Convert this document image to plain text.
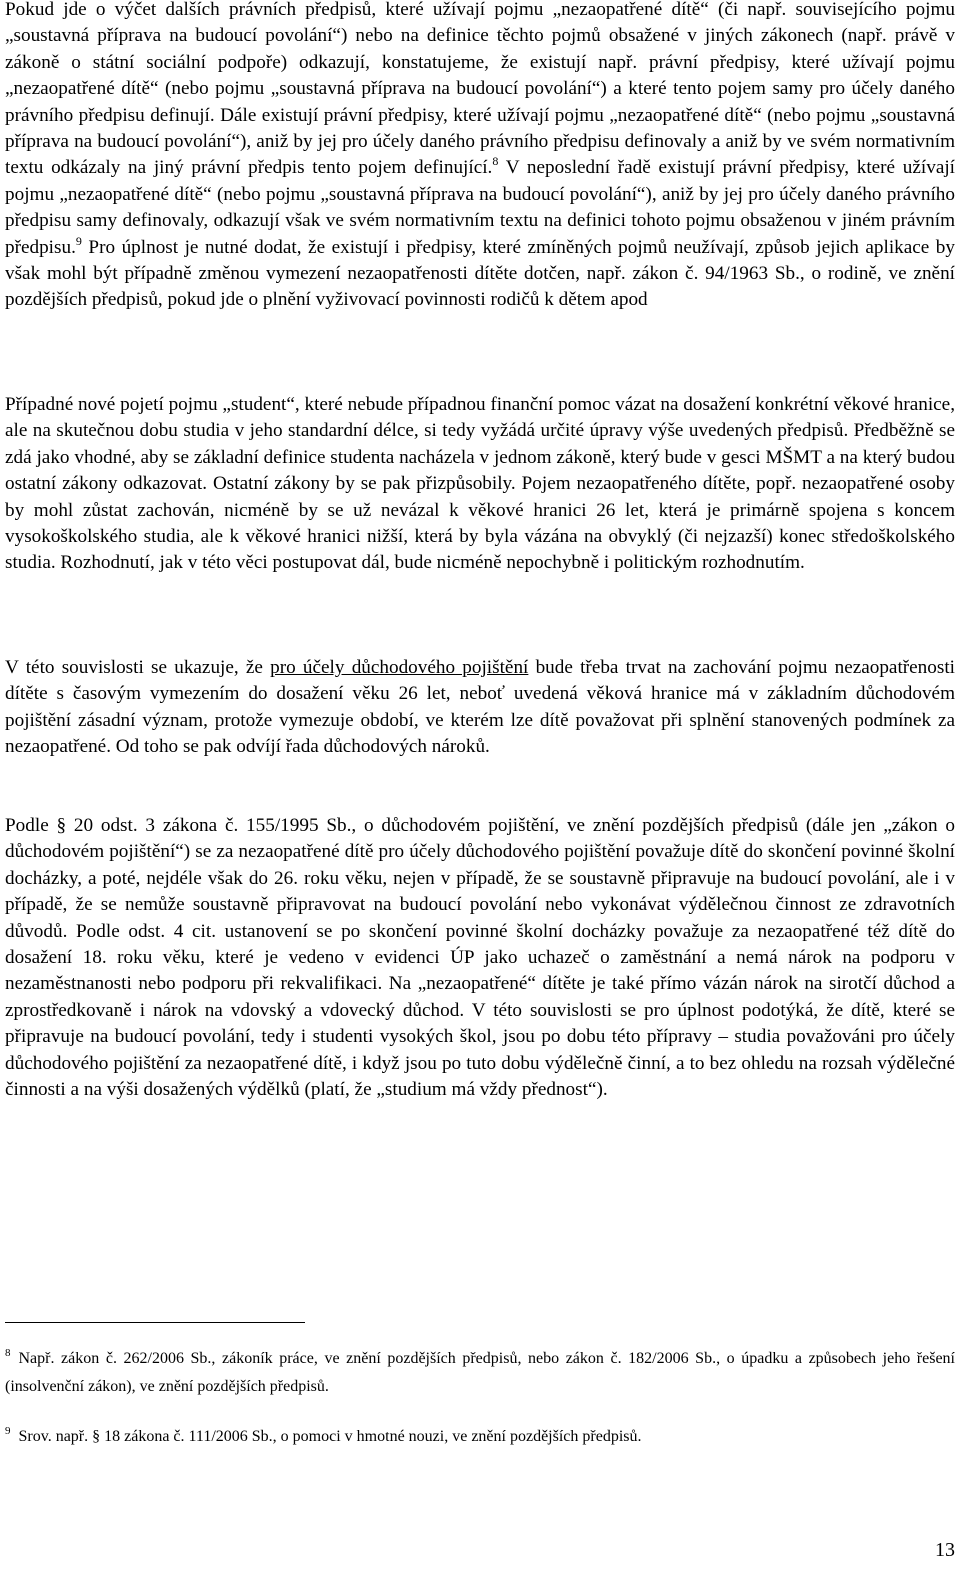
Pokud jde o výčet dalších právních předpisů, které užívají pojmu „nezaopatřené dítě“ (či např. souvisejícího pojmu „soustavná příprava na budoucí povolání“) nebo na definice těchto pojmů obsažené v jiných zákonech (např. právě v zákoně o státní sociální podpoře) odkazují, konstatujeme, že existují např. právní předpisy, které užívají pojmu „nezaopatřené dítě“ (nebo pojmu „soustavná příprava na budoucí povolání“) a které tento pojem samy pro účely daného právního předpisu definují. Dále existují právní předpisy, které užívají pojmu „nezaopatřené dítě“ (nebo pojmu „soustavná příprava na budoucí povolání“), aniž by jej pro účely daného právního předpisu definovaly a aniž by ve svém normativním textu odkázaly na jiný právní předpis tento pojem definující.$^8$ V neposlední řadě existují právní předpisy, které užívají pojmu „nezaopatřené dítě“ (nebo pojmu „soustavná příprava na budoucí povolání“), aniž by jej pro účely daného právního předpisu samy definovaly, odkazují však ve svém normativním textu na definici tohoto pojmu obsaženou v jiném právním předpisu.$^9$ Pro úplnost je nutné dodat, že existují i předpisy, které zmíněných pojmů neužívají, způsob jejich aplikace by však mohl být případně změnou vymezení nezaopatřenosti dítěte dotčen, např. zákon č. 94/1963 Sb., o rodině, ve znění pozdějších předpisů, pokud jde o plnění vyživovací povinnosti rodičů k dětem apod

Případné nové pojetí pojmu „student“, které nebude případnou finanční pomoc vázat na dosažení konkrétní věkové hranice, ale na skutečnou dobu studia v jeho standardní délce, si tedy vyžádá určité úpravy výše uvedených předpisů. Předběžně se zdá jako vhodné, aby se základní definice studenta nacházela v jednom zákoně, který bude v gesci MŠMT a na který budou ostatní zákony odkazovat. Ostatní zákony by se pak přizpůsobily. Pojem nezaopatřeného dítěte, popř. nezaopatřené osoby by mohl zůstat zachován, nicméně by se už nevázal k věkové hranici 26 let, která je primárně spojena s koncem vysokoškolského studia, ale k věkové hranici nižší, která by byla vázána na obvyklý (či nejzazší) konec středoškolského studia. Rozhodnutí, jak v této věci postupovat dál, bude nicméně nepochybně i politickým rozhodnutím.

V této souvislosti se ukazuje, že pro účely důchodového pojištění bude třeba trvat na zachování pojmu nezaopatřenosti dítěte s časovým vymezením do dosažení věku 26 let, neboť uvedená věková hranice má v základním důchodovém pojištění zásadní význam, protože vymezuje období, ve kterém lze dítě považovat při splnění stanovených podmínek za nezaopatřené. Od toho se pak odvíjí řada důchodových nároků.

Podle § 20 odst. 3 zákona č. 155/1995 Sb., o důchodovém pojištění, ve znění pozdějších předpisů (dále jen „zákon o důchodovém pojištění“) se za nezaopatřené dítě pro účely důchodového pojištění považuje dítě do skončení povinné školní docházky, a poté, nejdéle však do 26. roku věku, nejen v případě, že se soustavně připravuje na budoucí povolání, ale i v případě, že se nemůže soustavně připravovat na budoucí povolání nebo vykonávat výdělečnou činnost ze zdravotních důvodů. Podle odst. 4 cit. ustanovení se po skončení povinné školní docházky považuje za nezaopatřené též dítě do dosažení 18. roku věku, které je vedeno v evidenci ÚP jako uchazeč o zaměstnání a nemá nárok na podporu v nezaměstnanosti nebo podporu při rekvalifikaci. Na „nezaopatřené“ dítěte je také přímo vázán nárok na sirotčí důchod a zprostředkovaně i nárok na vdovský a vdovecký důchod. V této souvislosti se pro úplnost podotýká, že dítě, které se připravuje na budoucí povolání, tedy i studenti vysokých škol, jsou po dobu této přípravy – studia považováni pro účely důchodového pojištění za nezaopatřené dítě, i když jsou po tuto dobu výdělečně činní, a to bez ohledu na rozsah výdělečné činnosti a na výši dosažených výdělků (platí, že „studium má vždy přednost“).

$^8$ Např. zákon č. 262/2006 Sb., zákoník práce, ve znění pozdějších předpisů, nebo zákon č. 182/2006 Sb., o úpadku a způsobech jeho řešení (insolvenční zákon), ve znění pozdějších předpisů.
$^9$ Srov. např. § 18 zákona č. 111/2006 Sb., o pomoci v hmotné nouzi, ve znění pozdějších předpisů.
13
